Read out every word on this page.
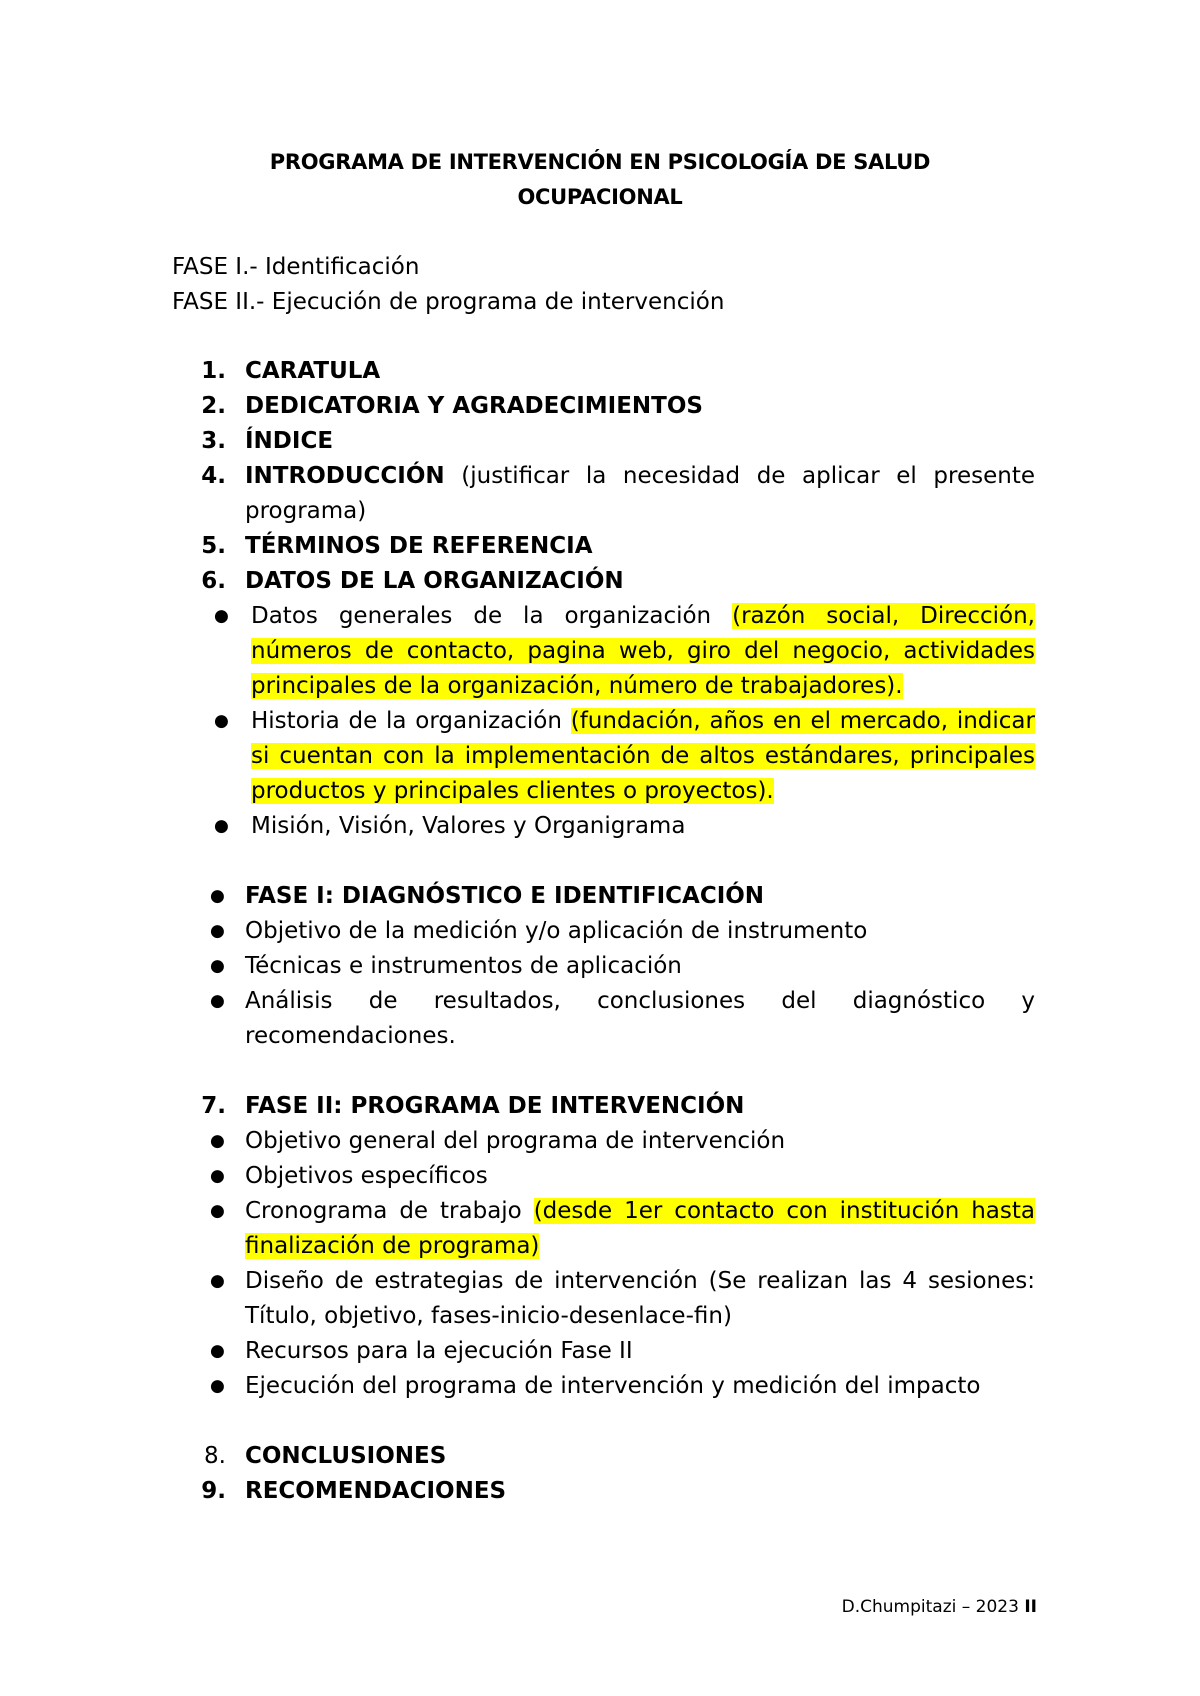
PROGRAMA DE INTERVENCIÓN EN PSICOLOGÍA DE SALUD
OCUPACIONAL
FASE I.- Identificación
FASE II.- Ejecución de programa de intervención
1. CARATULA
2. DEDICATORIA Y AGRADECIMIENTOS
3. ÍNDICE
4. INTRODUCCIÓN (justificar la necesidad de aplicar el presente
programa)
5. TÉRMINOS DE REFERENCIA
6. DATOS DE LA ORGANIZACIÓN
● Datos generales de la organización (razón social, Dirección,
números de contacto, pagina web, giro del negocio, actividades
principales de la organización, número de trabajadores).
● Historia de la organización (fundación, años en el mercado, indicar
si cuentan con la implementación de altos estándares, principales
productos y principales clientes o proyectos).
● Misión, Visión, Valores y Organigrama
● FASE I: DIAGNÓSTICO E IDENTIFICACIÓN
● Objetivo de la medición y/o aplicación de instrumento
● Técnicas e instrumentos de aplicación
● Análisis de resultados, conclusiones del diagnóstico y
recomendaciones.
7. FASE II: PROGRAMA DE INTERVENCIÓN
● Objetivo general del programa de intervención
● Objetivos específicos
● Cronograma de trabajo (desde 1er contacto con institución hasta
finalización de programa)
● Diseño de estrategias de intervención (Se realizan las 4 sesiones:
Título, objetivo, fases-inicio-desenlace-fin)
● Recursos para la ejecución Fase II
● Ejecución del programa de intervención y medición del impacto
8. CONCLUSIONES
9. RECOMENDACIONES
D.Chumpitazi – 2023 II
